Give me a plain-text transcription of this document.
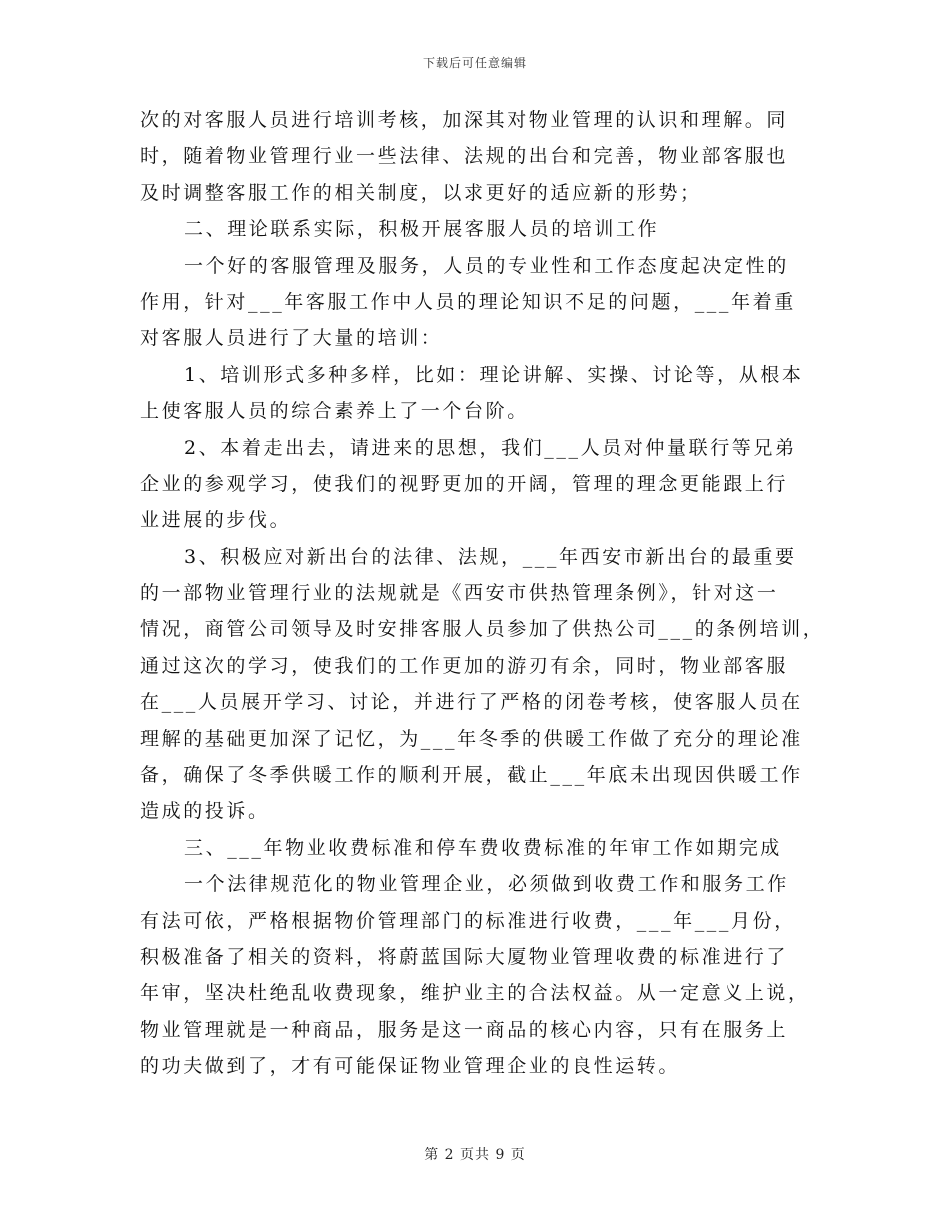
下载后可任意编辑
次的对客服人员进行培训考核，加深其对物业管理的认识和理解。同
时，随着物业管理行业一些法律、法规的出台和完善，物业部客服也
及时调整客服工作的相关制度，以求更好的适应新的形势；
二、理论联系实际，积极开展客服人员的培训工作
一个好的客服管理及服务，人员的专业性和工作态度起决定性的
作用，针对___年客服工作中人员的理论知识不足的问题，___年着重
对客服人员进行了大量的培训：
1、培训形式多种多样，比如：理论讲解、实操、讨论等，从根本
上使客服人员的综合素养上了一个台阶。
2、本着走出去，请进来的思想，我们___人员对仲量联行等兄弟
企业的参观学习，使我们的视野更加的开阔，管理的理念更能跟上行
业进展的步伐。
3、积极应对新出台的法律、法规，___年西安市新出台的最重要
的一部物业管理行业的法规就是《西安市供热管理条例》，针对这一
情况，商管公司领导及时安排客服人员参加了供热公司___的条例培训，
通过这次的学习，使我们的工作更加的游刃有余，同时，物业部客服
在___人员展开学习、讨论，并进行了严格的闭卷考核，使客服人员在
理解的基础更加深了记忆，为___年冬季的供暖工作做了充分的理论准
备，确保了冬季供暖工作的顺利开展，截止___年底未出现因供暖工作
造成的投诉。
三、___年物业收费标准和停车费收费标准的年审工作如期完成
一个法律规范化的物业管理企业，必须做到收费工作和服务工作
有法可依，严格根据物价管理部门的标准进行收费，___年___月份，
积极准备了相关的资料，将蔚蓝国际大厦物业管理收费的标准进行了
年审，坚决杜绝乱收费现象，维护业主的合法权益。从一定意义上说，
物业管理就是一种商品，服务是这一商品的核心内容，只有在服务上
的功夫做到了，才有可能保证物业管理企业的良性运转。
第 2 页共 9 页
